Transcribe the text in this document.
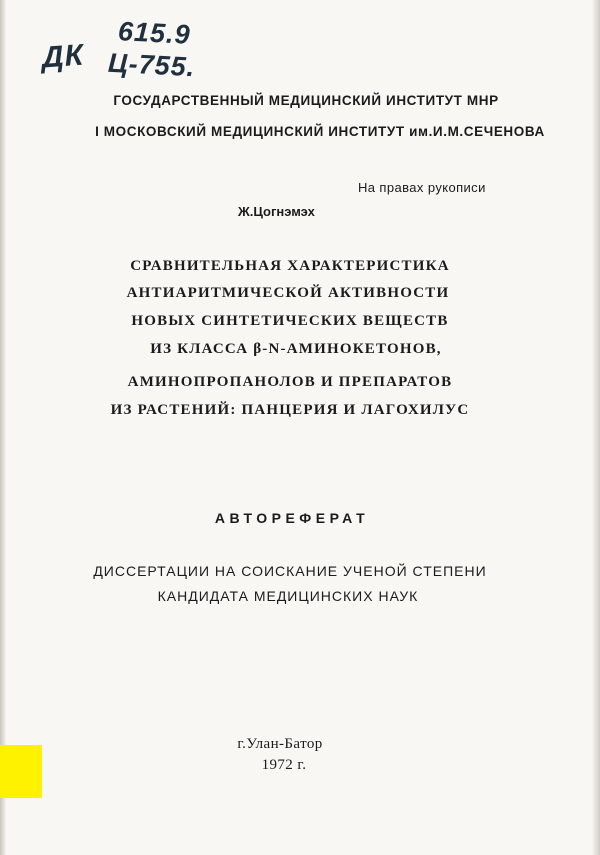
ДК
615.9
Ц-755.
ГОСУДАРСТВЕННЫЙ МЕДИЦИНСКИЙ ИНСТИТУТ МНР
I МОСКОВСКИЙ МЕДИЦИНСКИЙ ИНСТИТУТ им.И.М.СЕЧЕНОВА
На правах рукописи
Ж.Цогнэмэх
СРАВНИТЕЛЬНАЯ ХАРАКТЕРИСТИКА
АНТИАРИТМИЧЕСКОЙ АКТИВНОСТИ
НОВЫХ СИНТЕТИЧЕСКИХ ВЕЩЕСТВ
ИЗ КЛАССА β-N-АМИНОКЕТОНОВ,
АМИНОПРОПАНОЛОВ И ПРЕПАРАТОВ
ИЗ РАСТЕНИЙ: ПАНЦЕРИЯ И ЛАГОХИЛУС
АВТОРЕФЕРАТ
ДИССЕРТАЦИИ НА СОИСКАНИЕ УЧЕНОЙ СТЕПЕНИ
КАНДИДАТА МЕДИЦИНСКИХ НАУК
г.Улан-Батор
1972 г.
